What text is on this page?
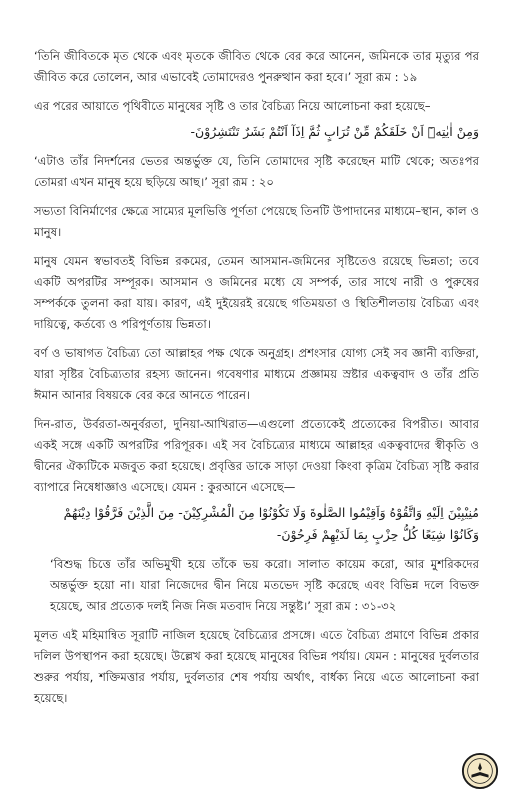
‘তিনি জীবিতকে মৃত থেকে এবং মৃতকে জীবিত থেকে বের করে আনেন, জমিনকে তার মৃত্যুর পর জীবিত করে তোলেন, আর এভাবেই তোমাদেরও পুনরুত্থান করা হবে।’ সূরা রূম : ১৯

এর পরের আয়াতে পৃথিবীতে মানুষের সৃষ্টি ও তার বৈচিত্র্য নিয়ে আলোচনা করা হয়েছে–

وَمِنْ اٰيٰتِهٖٓ اَنْ خَلَقَكُمْ مِّنْ تُرَابٍ ثُمَّ اِذَآ اَنْتُمْ بَشَرٌ تَنْتَشِرُوْنَ-

‘এটাও তাঁর নিদর্শনের ভেতর অন্তর্ভুক্ত যে, তিনি তোমাদের সৃষ্টি করেছেন মাটি থেকে; অতঃপর তোমরা এখন মানুষ হয়ে ছড়িয়ে আছ।’ সূরা রূম : ২০

সভ্যতা বিনির্মাণের ক্ষেত্রে সাম্যের মূলভিত্তি পূর্ণতা পেয়েছে তিনটি উপাদানের মাধ্যমে–স্থান, কাল ও মানুষ।

মানুষ যেমন স্বভাবতই বিভিন্ন রকমের, তেমন আসমান-জমিনের সৃষ্টিতেও রয়েছে ভিন্নতা; তবে একটি অপরটির সম্পূরক। আসমান ও জমিনের মধ্যে যে সম্পর্ক, তার সাথে নারী ও পুরুষের সম্পর্ককে তুলনা করা যায়। কারণ, এই দুইয়েরই রয়েছে গতিময়তা ও স্থিতিশীলতায় বৈচিত্র্য এবং দায়িত্বে, কর্তব্যে ও পরিপূর্ণতায় ভিন্নতা।

বর্ণ ও ভাষাগত বৈচিত্র্য তো আল্লাহর পক্ষ থেকে অনুগ্রহ। প্রশংসার যোগ্য সেই সব জ্ঞানী ব্যক্তিরা, যারা সৃষ্টির বৈচিত্র্যতার রহস্য জানেন। গবেষণার মাধ্যমে প্রজ্ঞাময় স্রষ্টার একত্ববাদ ও তাঁর প্রতি ঈমান আনার বিষয়কে বের করে আনতে পারেন।

দিন-রাত, উর্বরতা-অনুর্বরতা, দুনিয়া-আখিরাত—এগুলো প্রত্যেকেই প্রত্যেকের বিপরীত। আবার একই সঙ্গে একটি অপরটির পরিপূরক। এই সব বৈচিত্র্যের মাধ্যমে আল্লাহর একত্ববাদের স্বীকৃতি ও দ্বীনের ঐক্যটিকে মজবুত করা হয়েছে। প্রবৃত্তির ডাকে সাড়া দেওয়া কিংবা কৃত্রিম বৈচিত্র্য সৃষ্টি করার ব্যাপারে নিষেধাজ্ঞাও এসেছে। যেমন : কুরআনে এসেছে—

مُنِيْبِيْنَ اِلَيْهِ وَاتَّقُوْهُ وَاَقِيْمُوا الصَّلٰوةَ وَلَا تَكُوْنُوْا مِنَ الْمُشْرِكِيْنَ- مِنَ الَّذِيْنَ فَرَّقُوْا دِيْنَهُمْ

وَكَانُوْا شِيَعًا كُلُّ حِزْبٍ بِمَا لَدَيْهِمْ فَرِحُوْنَ-

‘বিশুদ্ধ চিত্তে তাঁর অভিমুখী হয়ে তাঁকে ভয় করো। সালাত কায়েম করো, আর মুশরিকদের অন্তর্ভুক্ত হয়ো না। যারা নিজেদের দ্বীন নিয়ে মতভেদ সৃষ্টি করেছে এবং বিভিন্ন দলে বিভক্ত হয়েছে, আর প্রত্যেক দলই নিজ নিজ মতবাদ নিয়ে সন্তুষ্ট।’ সূরা রূম : ৩১-৩২

মূলত এই মহিমান্বিত সূরাটি নাজিল হয়েছে বৈচিত্র্যের প্রসঙ্গে। এতে বৈচিত্র্য প্রমাণে বিভিন্ন প্রকার দলিল উপস্থাপন করা হয়েছে। উল্লেখ করা হয়েছে মানুষের বিভিন্ন পর্যায়। যেমন : মানুষের দুর্বলতার শুরুর পর্যায়, শক্তিমত্তার পর্যায়, দুর্বলতার শেষ পর্যায় অর্থাৎ, বার্ধক্য নিয়ে এতে আলোচনা করা হয়েছে।
